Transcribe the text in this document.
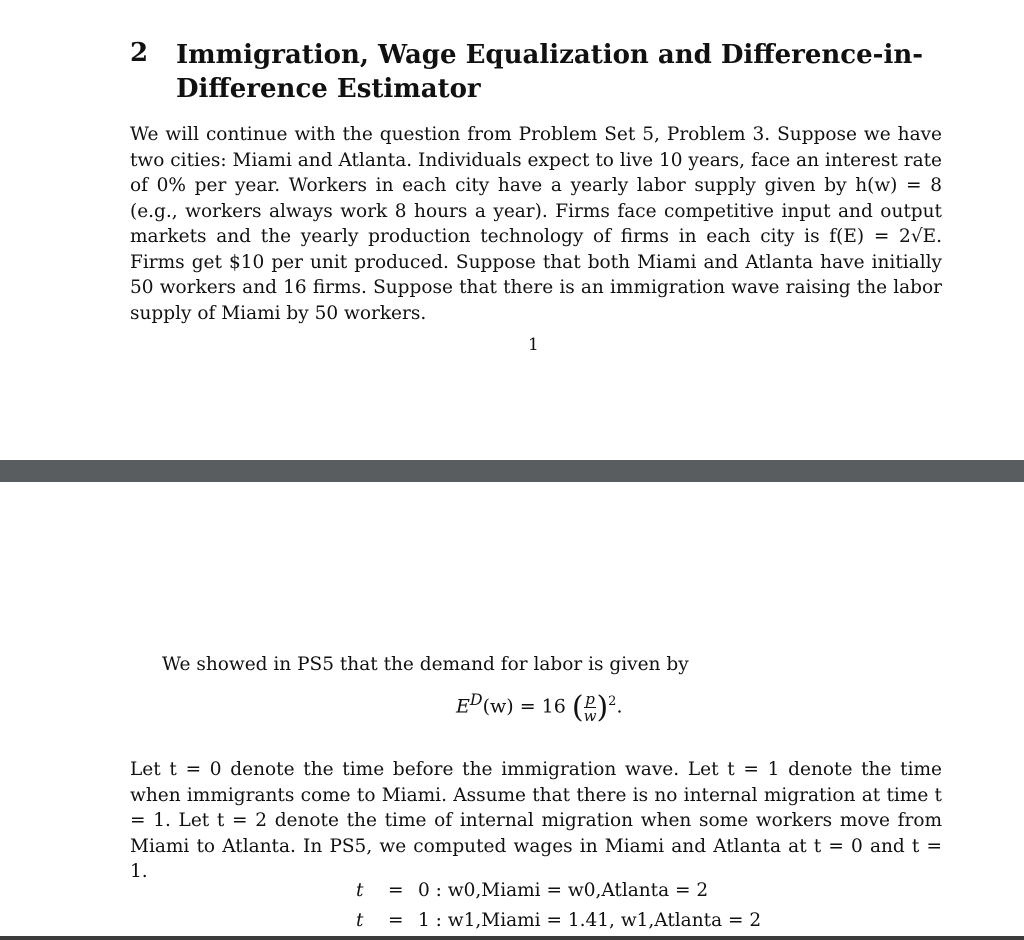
2 Immigration, Wage Equalization and Difference-in-Difference Estimator
We will continue with the question from Problem Set 5, Problem 3. Suppose we have two cities: Miami and Atlanta. Individuals expect to live 10 years, face an interest rate of 0% per year. Workers in each city have a yearly labor supply given by h(w) = 8 (e.g., workers always work 8 hours a year). Firms face competitive input and output markets and the yearly production technology of firms in each city is f(E) = 2√E. Firms get $10 per unit produced. Suppose that both Miami and Atlanta have initially 50 workers and 16 firms. Suppose that there is an immigration wave raising the labor supply of Miami by 50 workers.
1
We showed in PS5 that the demand for labor is given by
$E^D(w) = 16$ ( $\frac{p}{w} )^2$.
Let t = 0 denote the time before the immigration wave. Let t = 1 denote the time when immigrants come to Miami. Assume that there is no internal migration at time t = 1. Let t = 2 denote the time of internal migration when some workers move from Miami to Atlanta. In PS5, we computed wages in Miami and Atlanta at t = 0 and t = 1.
t = 0 : w0,Miami = w0,Atlanta = 2
t = 1 : w1,Miami = 1.41, w1,Atlanta = 2
